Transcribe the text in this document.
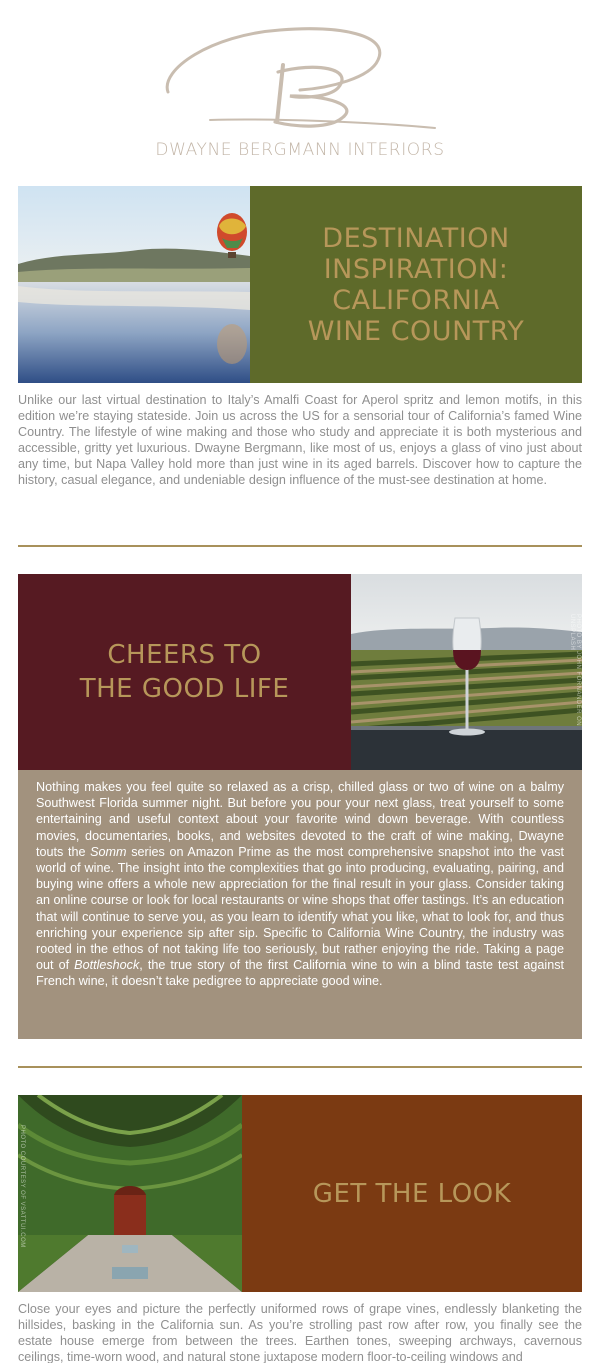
DWAYNE BERGMANN INTERIORS
DESTINATION
INSPIRATION:
CALIFORNIA
WINE COUNTRY

Unlike our last virtual destination to Italy’s Amalfi Coast for Aperol spritz and lemon motifs, in this edition we’re staying stateside. Join us across the US for a sensorial tour of California’s famed Wine Country. The lifestyle of wine making and those who study and appreciate it is both mysterious and accessible, gritty yet luxurious. Dwayne Bergmann, like most of us, enjoys a glass of vino just about any time, but Napa Valley hold more than just wine in its aged barrels. Discover how to capture the history, casual elegance, and undeniable design influence of the must-see destination at home.

CHEERS TO
THE GOOD LIFE	PHOTO BY JOHN FORNANDER ON UNSPLASH

Nothing makes you feel quite so relaxed as a crisp, chilled glass or two of wine on a balmy Southwest Florida summer night. But before you pour your next glass, treat yourself to some entertaining and useful context about your favorite wind down beverage. With countless movies, documentaries, books, and websites devoted to the craft of wine making, Dwayne touts the Somm series on Amazon Prime as the most comprehensive snapshot into the vast world of wine. The insight into the complexities that go into producing, evaluating, pairing, and buying wine offers a whole new appreciation for the final result in your glass. Consider taking an online course or look for local restaurants or wine shops that offer tastings. It’s an education that will continue to serve you, as you learn to identify what you like, what to look for, and thus enriching your experience sip after sip. Specific to California Wine Country, the industry was rooted in the ethos of not taking life too seriously, but rather enjoying the ride. Taking a page out of Bottleshock, the true story of the first California wine to win a blind taste test against French wine, it doesn’t take pedigree to appreciate good wine.

PHOTO COURTESY OF VSATTUI.COM	GET THE LOOK

Close your eyes and picture the perfectly uniformed rows of grape vines, endlessly blanketing the hillsides, basking in the California sun. As you’re strolling past row after row, you finally see the estate house emerge from between the trees. Earthen tones, sweeping archways, cavernous ceilings, time-worn wood, and natural stone juxtapose modern floor-to-ceiling windows and
